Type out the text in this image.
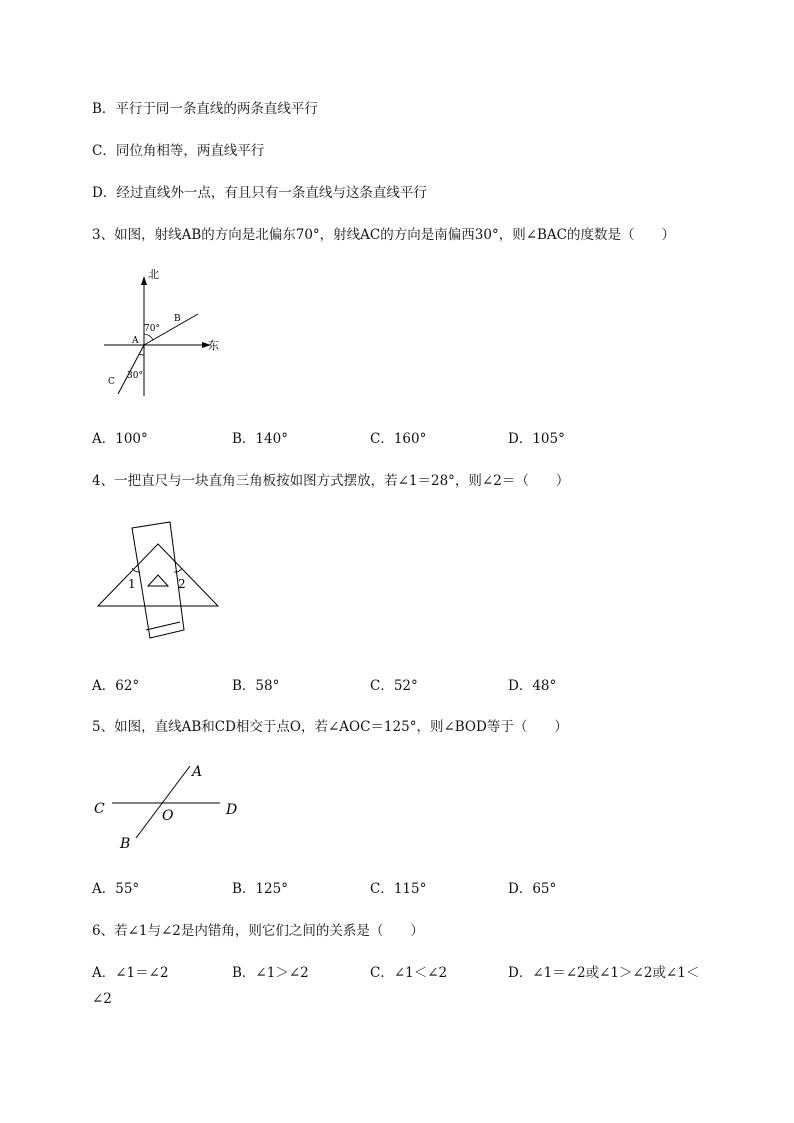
B．平行于同一条直线的两条直线平行
C．同位角相等，两直线平行
D．经过直线外一点，有且只有一条直线与这条直线平行
3、如图，射线AB的方向是北偏东70°，射线AC的方向是南偏西30°，则∠BAC的度数是（　　）
北
东
A
B
C
70°
30°
A．100°	B．140°	C．160°	D．105°
4、一把直尺与一块直角三角板按如图方式摆放，若∠1＝28°，则∠2＝（　　）
1	2
A．62°	B．58°	C．52°	D．48°
5、如图，直线AB和CD相交于点O，若∠AOC＝125°，则∠BOD等于（　　）
A
B
C	D
O
A．55°	B．125°	C．115°	D．65°
6、若∠1与∠2是内错角，则它们之间的关系是（　　）
A．∠1＝∠2	B．∠1＞∠2	C．∠1＜∠2	D．∠1＝∠2或∠1＞∠2或∠1＜
∠2
